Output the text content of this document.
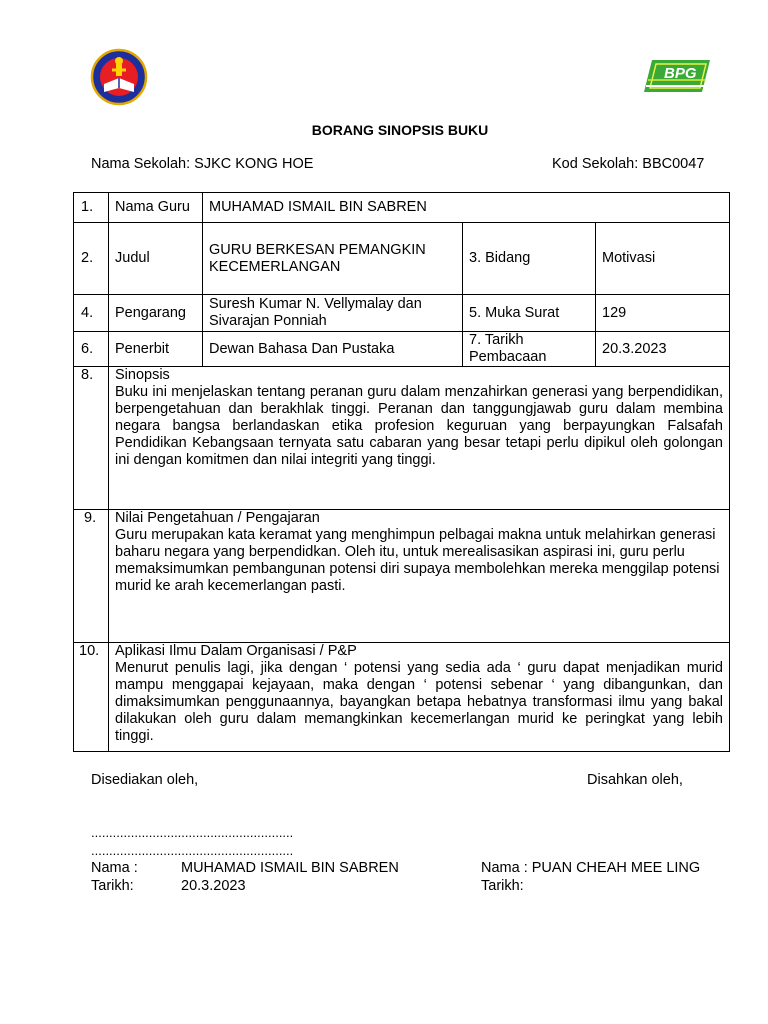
BPG
BORANG SINOPSIS BUKU
Nama Sekolah: SJKC KONG HOE	Kod Sekolah: BBC0047
1.	Nama Guru	MUHAMAD ISMAIL BIN SABREN		
2.	Judul	GURU BERKESAN PEMANGKIN KECEMERLANGAN	3. Bidang	Motivasi
4.	Pengarang	Suresh Kumar N. Vellymalay dan Sivarajan Ponniah	5. Muka Surat	129
6.	Penerbit	Dewan Bahasa Dan Pustaka	7. Tarikh Pembacaan	20.3.2023
8.	Sinopsis
Buku ini menjelaskan tentang peranan guru dalam menzahirkan generasi yang berpendidikan, berpengetahuan dan berakhlak tinggi. Peranan dan tanggungjawab guru dalam membina negara bangsa berlandaskan etika profesion keguruan yang berpayungkan Falsafah Pendidikan Kebangsaan ternyata satu cabaran yang besar tetapi perlu dipikul oleh golongan ini dengan komitmen dan nilai integriti yang tinggi.			

9.	Nilai Pengetahuan / Pengajaran
Guru merupakan kata keramat yang menghimpun pelbagai makna untuk melahirkan generasi baharu negara yang berpendidkan. Oleh itu, untuk merealisasikan aspirasi ini, guru perlu memaksimumkan pembangunan potensi diri supaya membolehkan mereka menggilap potensi murid ke arah kecemerlangan pasti.			

10.	Aplikasi Ilmu Dalam Organisasi / P&P
Menurut penulis lagi, jika dengan ‘ potensi yang sedia ada ‘ guru dapat menjadikan murid mampu menggapai kejayaan, maka dengan ‘ potensi sebenar ‘ yang dibangunkan, dan dimaksimumkan penggunaannya, bayangkan betapa hebatnya transformasi ilmu yang bakal dilakukan oleh guru dalam memangkinkan kecemerlangan murid ke peringkat yang lebih tinggi.			
Disediakan oleh,	Disahkan oleh,
........................................................
........................................................
Nama :	MUHAMAD ISMAIL BIN SABREN
Tarikh:	20.3.2023
Nama : PUAN CHEAH MEE LING
Tarikh:
